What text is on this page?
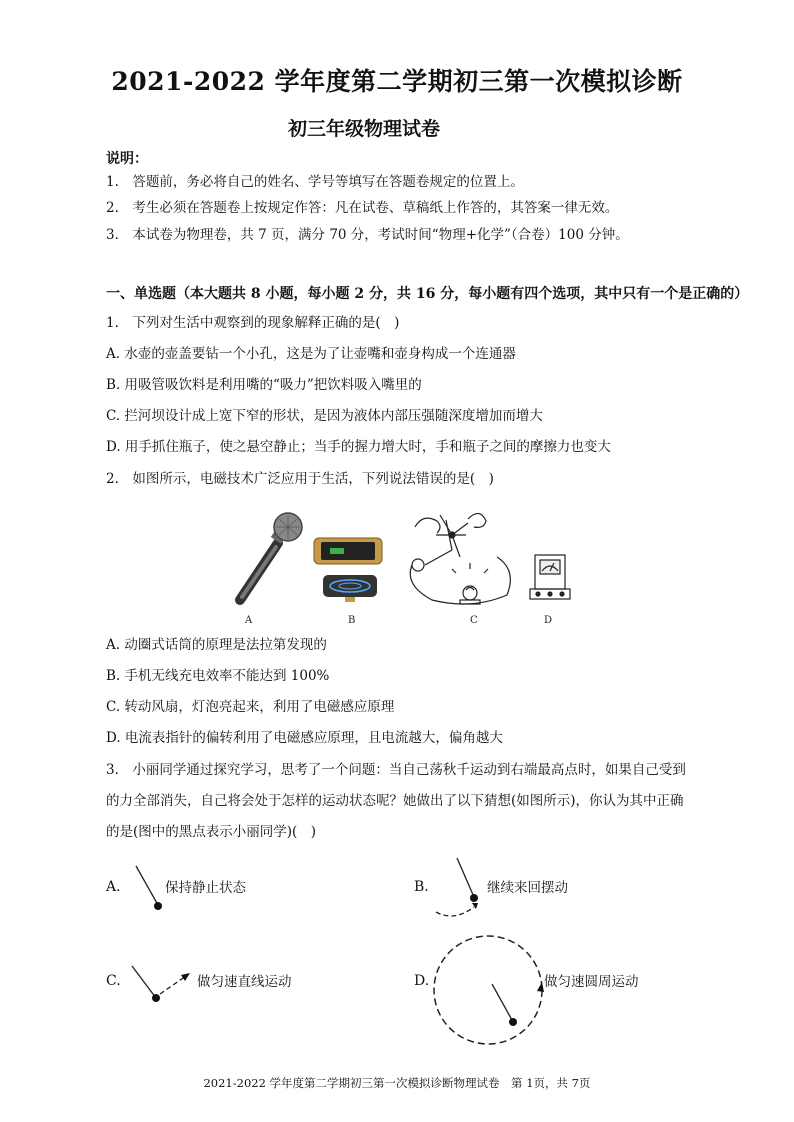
2021-2022 学年度第二学期初三第一次模拟诊断
初三年级物理试卷
说明：
1.　答题前，务必将自己的姓名、学号等填写在答题卷规定的位置上。
2.　考生必须在答题卷上按规定作答：凡在试卷、草稿纸上作答的，其答案一律无效。
3.　本试卷为物理卷，共 7 页，满分 70 分，考试时间“物理+化学”（合卷）100 分钟。
一、单选题（本大题共 8 小题，每小题 2 分，共 16 分，每小题有四个选项，其中只有一个是正确的）
1.　下列对生活中观察到的现象解释正确的是(　)
A. 水壶的壶盖要钻一个小孔，这是为了让壶嘴和壶身构成一个连通器
B. 用吸管吸饮料是利用嘴的“吸力”把饮料吸入嘴里的
C. 拦河坝设计成上宽下窄的形状，是因为液体内部压强随深度增加而增大
D. 用手抓住瓶子，使之悬空静止；当手的握力增大时，手和瓶子之间的摩擦力也变大
2.　如图所示，电磁技术广泛应用于生活，下列说法错误的是(　)
A	B	C	D
A. 动圈式话筒的原理是法拉第发现的
B. 手机无线充电效率不能达到 100%
C. 转动风扇，灯泡亮起来，利用了电磁感应原理
D. 电流表指针的偏转利用了电磁感应原理，且电流越大，偏角越大
3.　小丽同学通过探究学习，思考了一个问题：当自己荡秋千运动到右端最高点时，如果自己受到
的力全部消失，自己将会处于怎样的运动状态呢？她做出了以下猜想(如图所示)，你认为其中正确
的是(图中的黑点表示小丽同学)(　)
A.	保持静止状态	B.	继续来回摆动
C.	做匀速直线运动	D.	做匀速圆周运动
2021-2022 学年度第二学期初三第一次模拟诊断物理试卷　第 1页，共 7页
